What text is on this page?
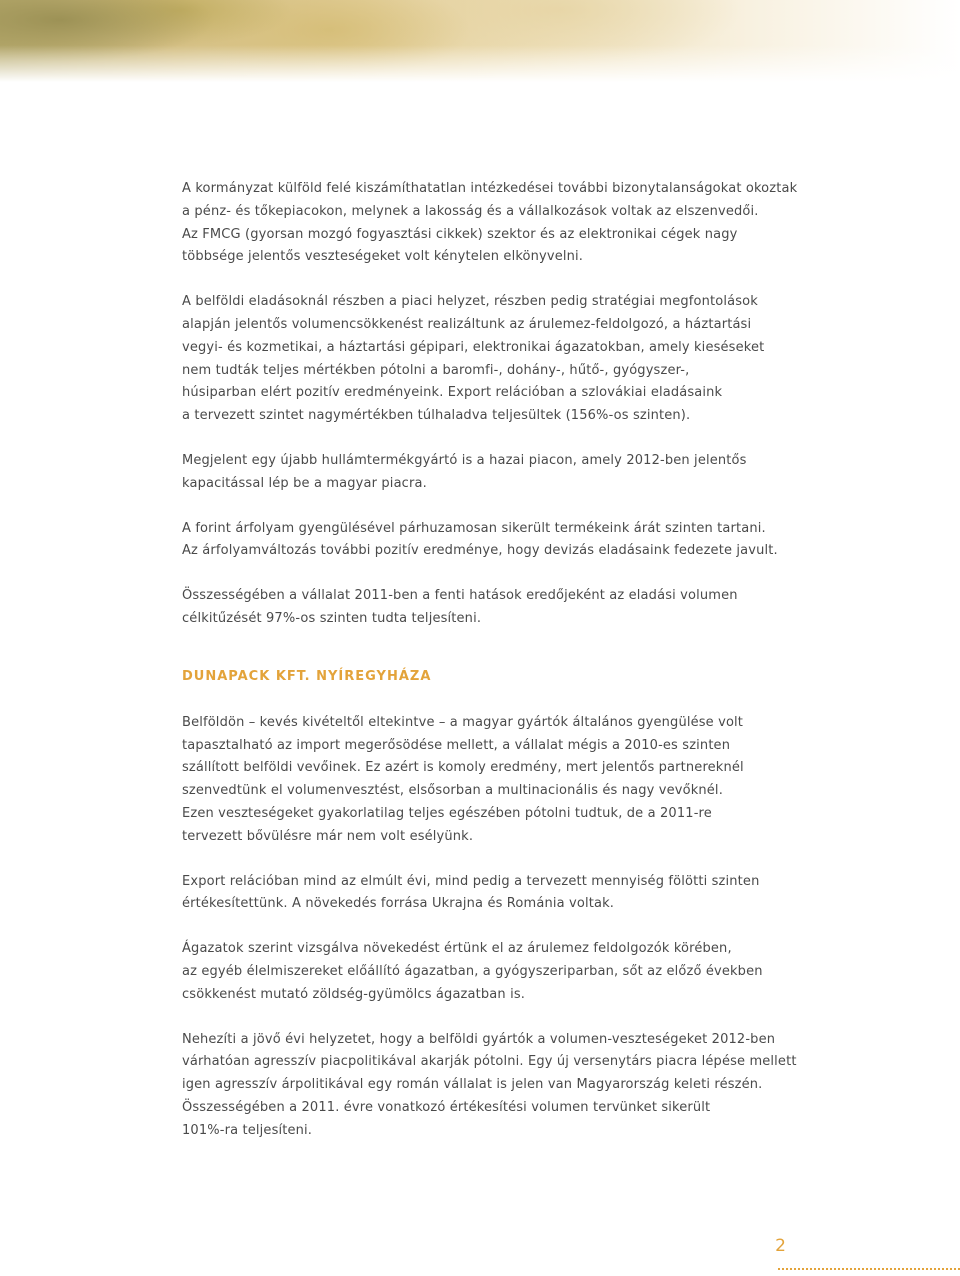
A kormányzat külföld felé kiszámíthatatlan intézkedései további bizonytalanságokat okoztak
a pénz- és tőkepiacokon, melynek a lakosság és a vállalkozások voltak az elszenvedői.
Az FMCG (gyorsan mozgó fogyasztási cikkek) szektor és az elektronikai cégek nagy
többsége jelentős veszteségeket volt kénytelen elkönyvelni.

A belföldi eladásoknál részben a piaci helyzet, részben pedig stratégiai megfontolások
alapján jelentős volumencsökkenést realizáltunk az árulemez-feldolgozó, a háztartási
vegyi- és kozmetikai, a háztartási gépipari, elektronikai ágazatokban, amely kieséseket
nem tudták teljes mértékben pótolni a baromfi-, dohány-, hűtő-, gyógyszer-,
húsiparban elért pozitív eredményeink. Export relációban a szlovákiai eladásaink
a tervezett szintet nagymértékben túlhaladva teljesültek (156%-os szinten).

Megjelent egy újabb hullámtermékgyártó is a hazai piacon, amely 2012-ben jelentős
kapacitással lép be a magyar piacra.

A forint árfolyam gyengülésével párhuzamosan sikerült termékeink árát szinten tartani.
Az árfolyamváltozás további pozitív eredménye, hogy devizás eladásaink fedezete javult.

Összességében a vállalat 2011-ben a fenti hatások eredőjeként az eladási volumen
célkitűzését 97%-os szinten tudta teljesíteni.

DUNAPACK KFT. NYÍREGYHÁZA

Belföldön – kevés kivételtől eltekintve – a magyar gyártók általános gyengülése volt
tapasztalható az import megerősödése mellett, a vállalat mégis a 2010-es szinten
szállított belföldi vevőinek. Ez azért is komoly eredmény, mert jelentős partnereknél
szenvedtünk el volumenvesztést, elsősorban a multinacionális és nagy vevőknél.
Ezen veszteségeket gyakorlatilag teljes egészében pótolni tudtuk, de a 2011-re
tervezett bővülésre már nem volt esélyünk.

Export relációban mind az elmúlt évi, mind pedig a tervezett mennyiség fölötti szinten
értékesítettünk. A növekedés forrása Ukrajna és Románia voltak.

Ágazatok szerint vizsgálva növekedést értünk el az árulemez feldolgozók körében,
az egyéb élelmiszereket előállító ágazatban, a gyógyszeriparban, sőt az előző években
csökkenést mutató zöldség-gyümölcs ágazatban is.

Nehezíti a jövő évi helyzetet, hogy a belföldi gyártók a volumen-veszteségeket 2012-ben
várhatóan agresszív piacpolitikával akarják pótolni. Egy új versenytárs piacra lépése mellett
igen agresszív árpolitikával egy román vállalat is jelen van Magyarország keleti részén.
Összességében a 2011. évre vonatkozó értékesítési volumen tervünket sikerült
101%-ra teljesíteni.

2
